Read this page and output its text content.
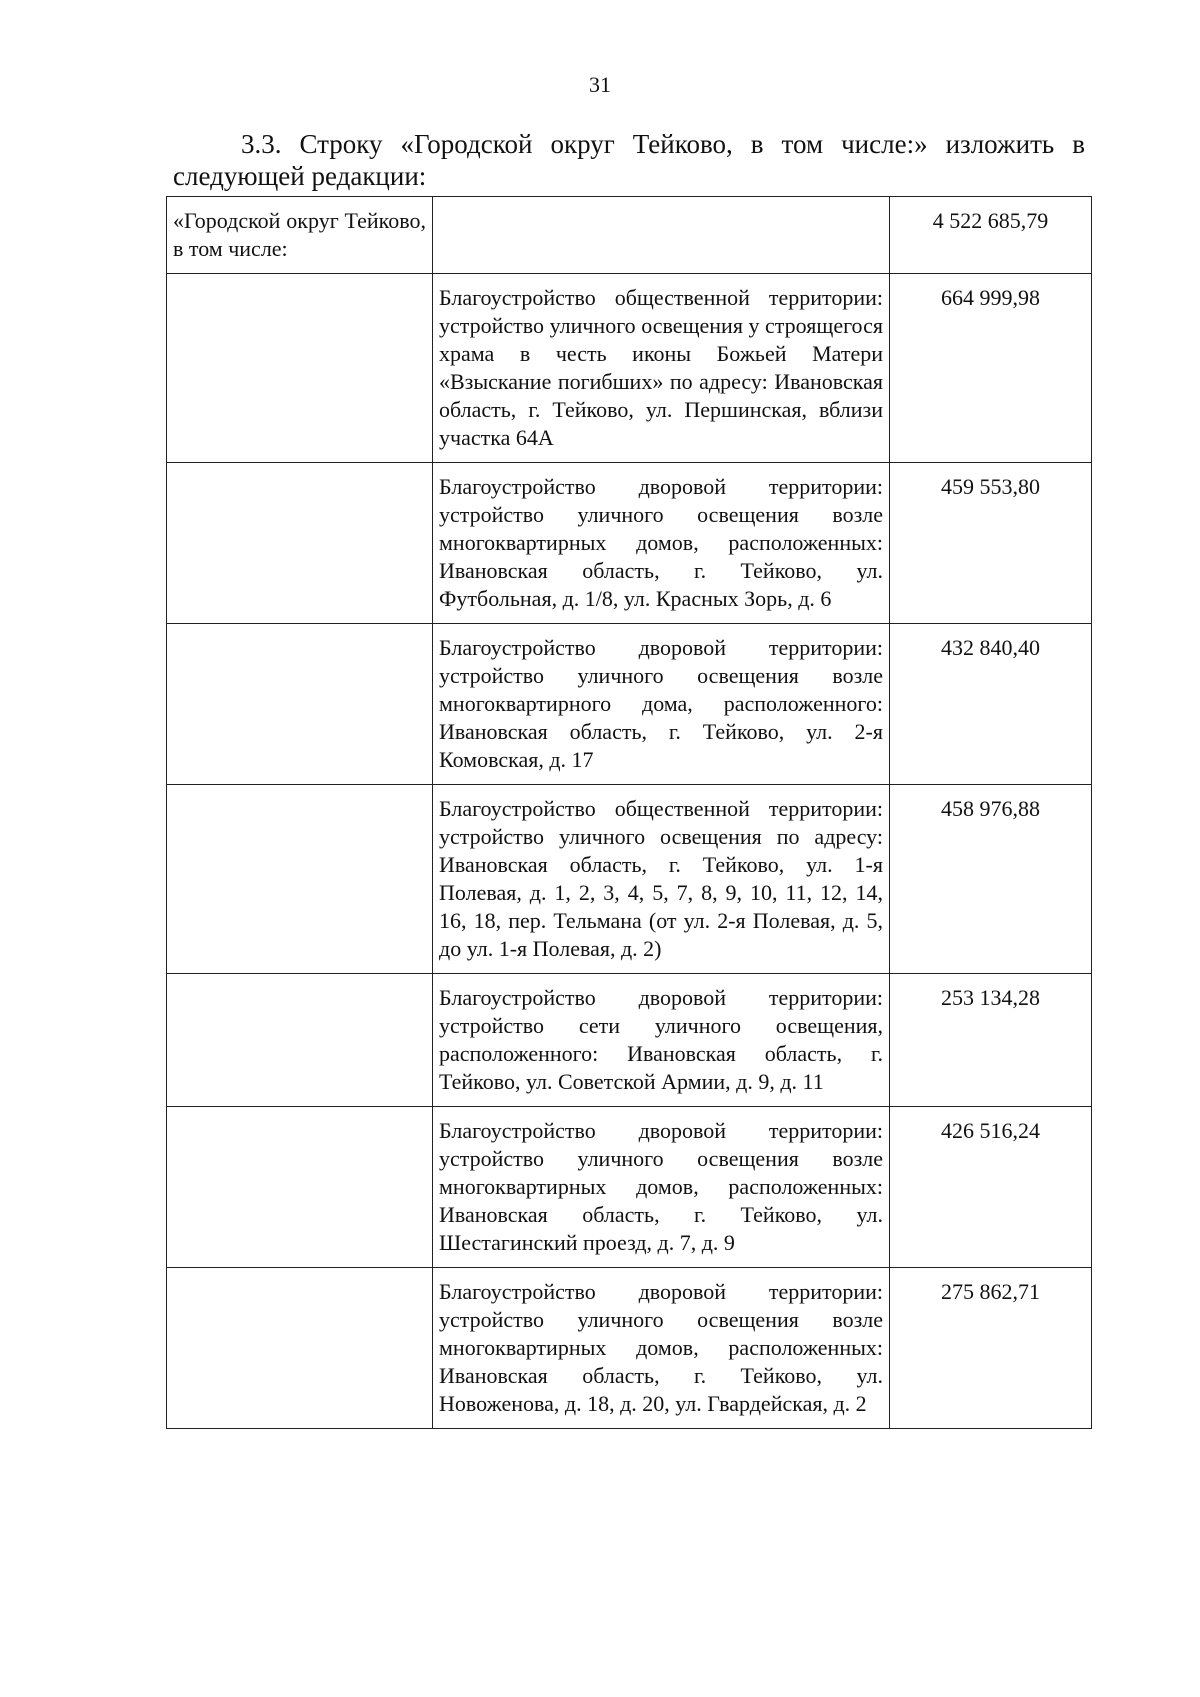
31
3.3. Строку «Городской округ Тейково, в том числе:» изложить в
следующей редакции:
«Городской округ Тейково, в том числе:		4 522 685,79
	Благоустройство общественной территории: устройство уличного освещения у строящегося храма в честь иконы Божьей Матери «Взыскание погибших» по адресу: Ивановская область, г. Тейково, ул. Першинская, вблизи участка 64А	664 999,98
	Благоустройство дворовой территории: устройство уличного освещения возле многоквартирных домов, расположенных: Ивановская область, г. Тейково, ул. Футбольная, д. 1/8, ул. Красных Зорь, д. 6	459 553,80
	Благоустройство дворовой территории: устройство уличного освещения возле многоквартирного дома, расположенного: Ивановская область, г. Тейково, ул. 2-я Комовская, д. 17	432 840,40
	Благоустройство общественной территории: устройство уличного освещения по адресу: Ивановская область, г. Тейково, ул. 1-я Полевая, д. 1, 2, 3, 4, 5, 7, 8, 9, 10, 11, 12, 14, 16, 18, пер. Тельмана (от ул. 2-я Полевая, д. 5, до ул. 1-я Полевая, д. 2)	458 976,88
	Благоустройство дворовой территории: устройство сети уличного освещения, расположенного: Ивановская область, г. Тейково, ул. Советской Армии, д. 9, д. 11	253 134,28
	Благоустройство дворовой территории: устройство уличного освещения возле многоквартирных домов, расположенных: Ивановская область, г. Тейково, ул. Шестагинский проезд, д. 7, д. 9	426 516,24
	Благоустройство дворовой территории: устройство уличного освещения возле многоквартирных домов, расположенных: Ивановская область, г. Тейково, ул. Новоженова, д. 18, д. 20, ул. Гвардейская, д. 2	275 862,71
